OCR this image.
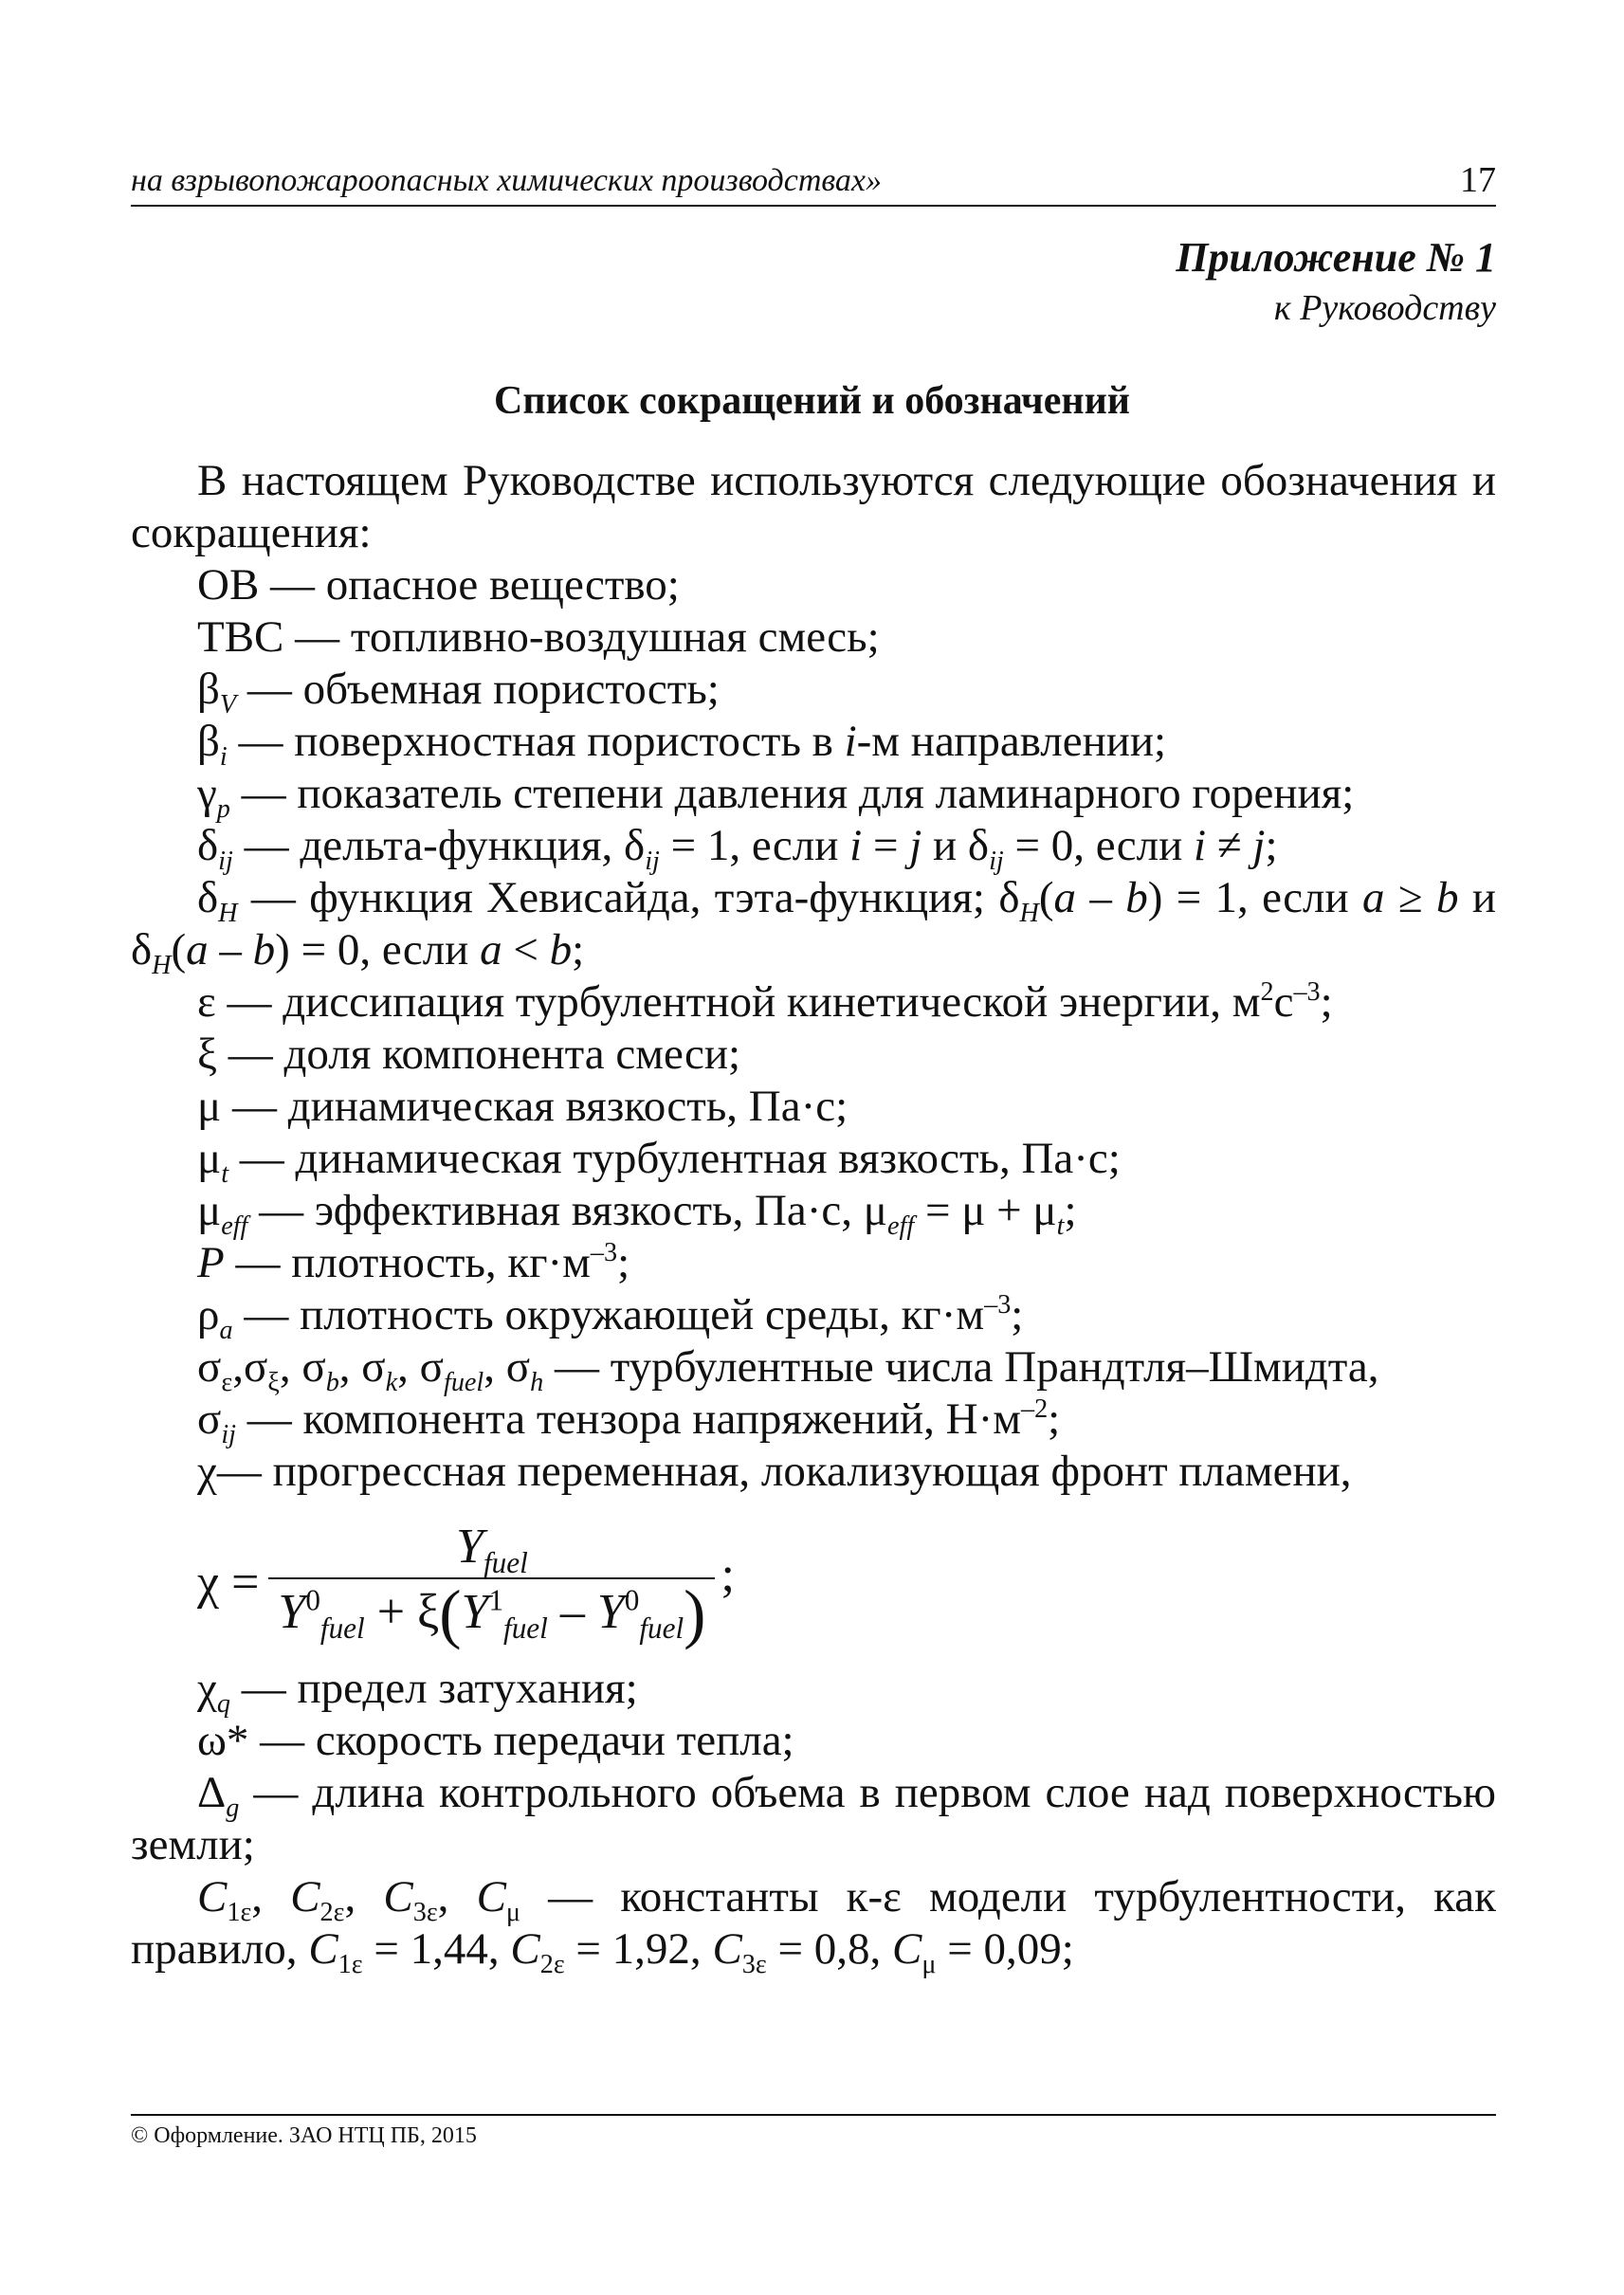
на взрывопожароопасных химических производствах»	17
Приложение № 1
к Руководству
Список сокращений и обозначений

В настоящем Руководстве используются следующие обозначения и сокращения:

ОВ — опасное вещество;

ТВС — топливно-воздушная смесь;

$\beta_V$ — объемная пористость;

$\beta_i$ — поверхностная пористость в i-м направлении;

$\gamma_p$ — показатель степени давления для ламинарного горения;

$\delta_{ij}$ — дельта-функция, $\delta_{ij} = 1$, если i = j и $\delta_{ij} = 0$, если i ≠ j;

$\delta_H$ — функция Хевисайда, тэта-функция; $\delta_H(a - b) = 1$, если a ≥ b и $\delta_H(a - b) = 0$, если a < b;

ε — диссипация турбулентной кинетической энергии, $м^2с^{-3}$;

ξ — доля компонента смеси;

μ — динамическая вязкость, Па·с;

$\mu_t$ — динамическая турбулентная вязкость, Па·с;

$\mu_{eff}$ — эффективная вязкость, Па·с, $\mu_{eff} = \mu + \mu_t$;

P — плотность, $кг\cdot м^{-3}$;

$\rho_a$ — плотность окружающей среды, $кг\cdot м^{-3}$;

$\sigma_\varepsilon,\sigma_\xi$, $\sigma_b$, $\sigma_k$, $\sigma_{fuel}$, $\sigma_h$ — турбулентные числа Прандтля–Шмидта,

$\sigma_{ij}$ — компонента тензора напряжений, $Н\cdot м^{-2}$;

χ— прогрессная переменная, локализующая фронт пламени,

$\chi = \frac{Y_{fuel}}{Y^0_{fuel} + \xi(Y^1_{fuel} - Y^0_{fuel})}$ ;

$\chi_q$ — предел затухания;

ω* — скорость передачи тепла;

$\Delta_g$ — длина контрольного объема в первом слое над поверхностью земли;

$C_{1\varepsilon}$, $C_{2\varepsilon}$, $C_{3\varepsilon}$, $C_\mu$ — константы к-ε модели турбулентности, как правило, $C_{1\varepsilon} = 1,44$, $C_{2\varepsilon} = 1,92$, $C_{3\varepsilon} = 0,8$, $C_\mu = 0,09$;

© Оформление. ЗАО НТЦ ПБ, 2015
